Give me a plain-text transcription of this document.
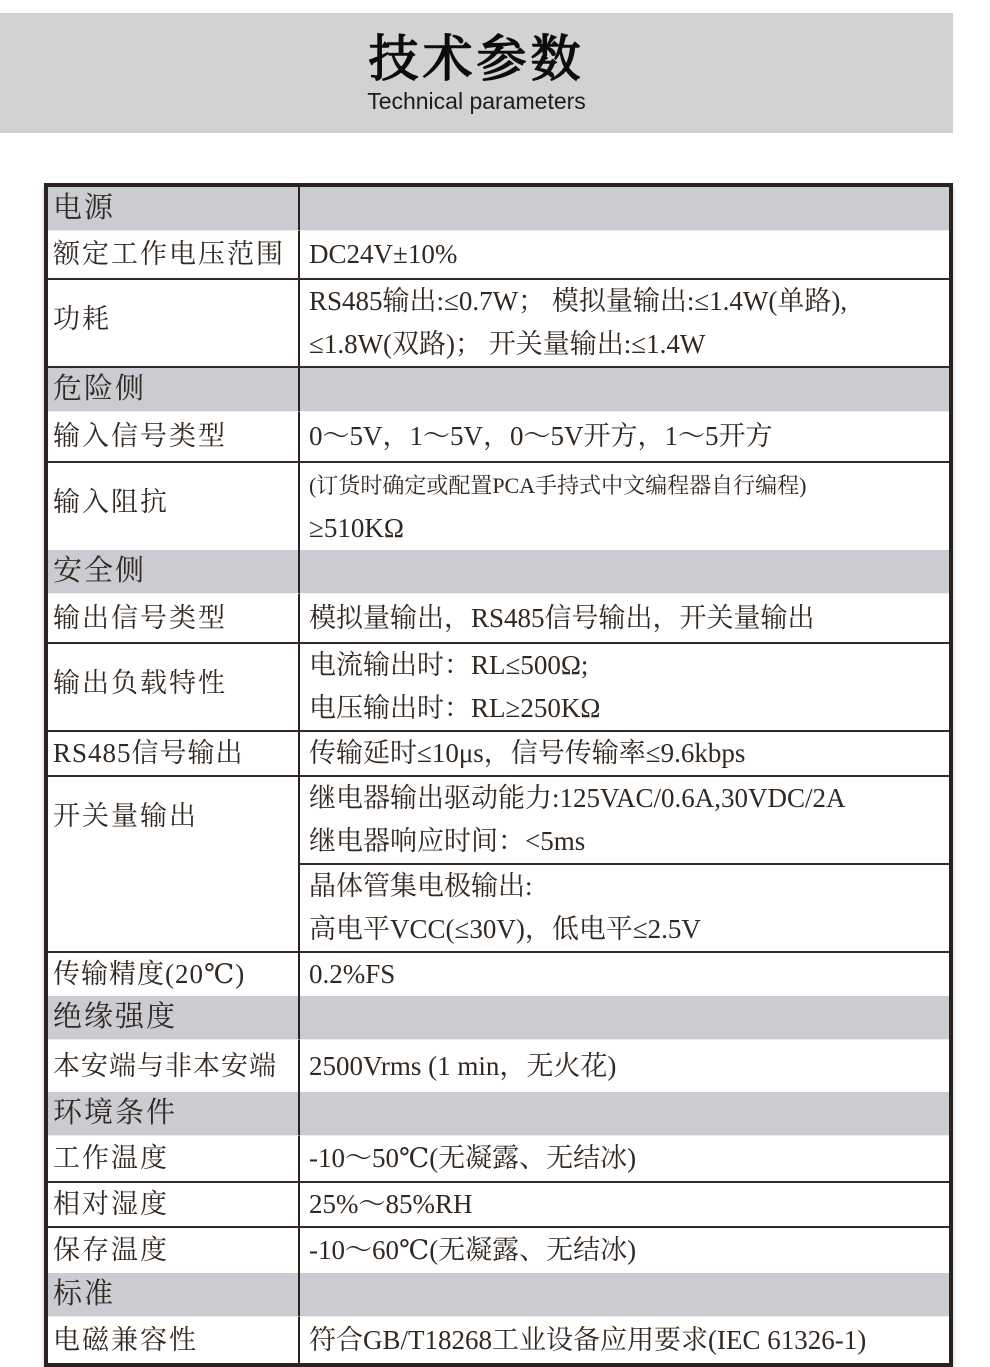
技术参数
Technical parameters
电源	
额定工作电压范围	DC24V±10%

功耗	RS485输出:≤0.7W； 模拟量输出:≤1.4W(单路),
≤1.8W(双路)； 开关量输出:≤1.4W

危险侧	
输入信号类型	0～5V，1～5V，0～5V开方，1～5开方

输入阻抗	(订货时确定或配置PCA手持式中文编程器自行编程)
≥510KΩ

安全侧	
输出信号类型	模拟量输出，RS485信号输出，开关量输出

输出负载特性	电流输出时：RL≤500Ω;
电压输出时：RL≥250KΩ

RS485信号输出	传输延时≤10μs，信号传输率≤9.6kbps

开关量输出	继电器输出驱动能力:125VAC/0.6A,30VDC/2A
继电器响应时间：<5ms

	晶体管集电极输出:
高电平VCC(≤30V)，低电平≤2.5V

传输精度(20℃)	0.2%FS

绝缘强度	
本安端与非本安端	2500Vrms (1 min，无火花)

环境条件	
工作温度	-10～50℃(无凝露、无结冰)

相对湿度	25%～85%RH

保存温度	-10～60℃(无凝露、无结冰)

标准	
电磁兼容性	符合GB/T18268工业设备应用要求(IEC 61326-1)
